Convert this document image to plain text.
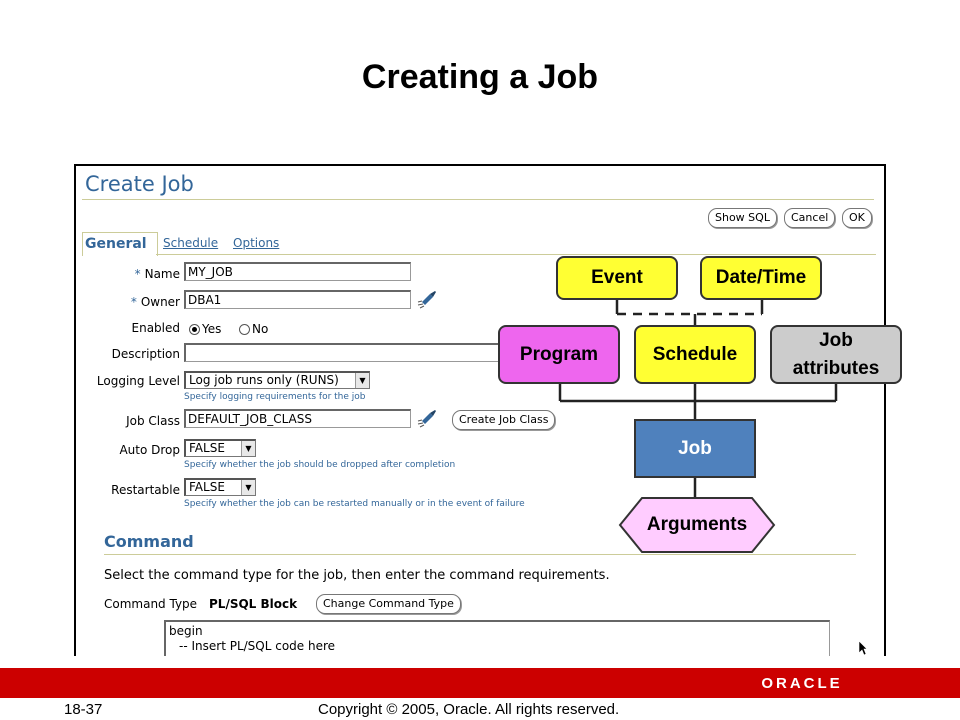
Creating a Job
Create Job
Show SQL	Cancel	OK
General Schedule Options
* Name MY_JOB
* Owner DBA1
Enabled	Yes	No
Description
Logging Level Log job runs only (RUNS)	▼
Specify logging requirements for the job
Job Class DEFAULT_JOB_CLASS	Create Job Class
Auto Drop FALSE	▼
Specify whether the job should be dropped after completion
Restartable FALSE	▼
Specify whether the job can be restarted manually or in the event of failure
Command
Select the command type for the job, then enter the command requirements.
Command Type PL/SQL Block	Change Command Type
begin
-- Insert PL/SQL code here
Event	Date/Time
Program	Schedule
Job
attributes
Job
Arguments
ORACLE
18-37	Copyright © 2005, Oracle. All rights reserved.
